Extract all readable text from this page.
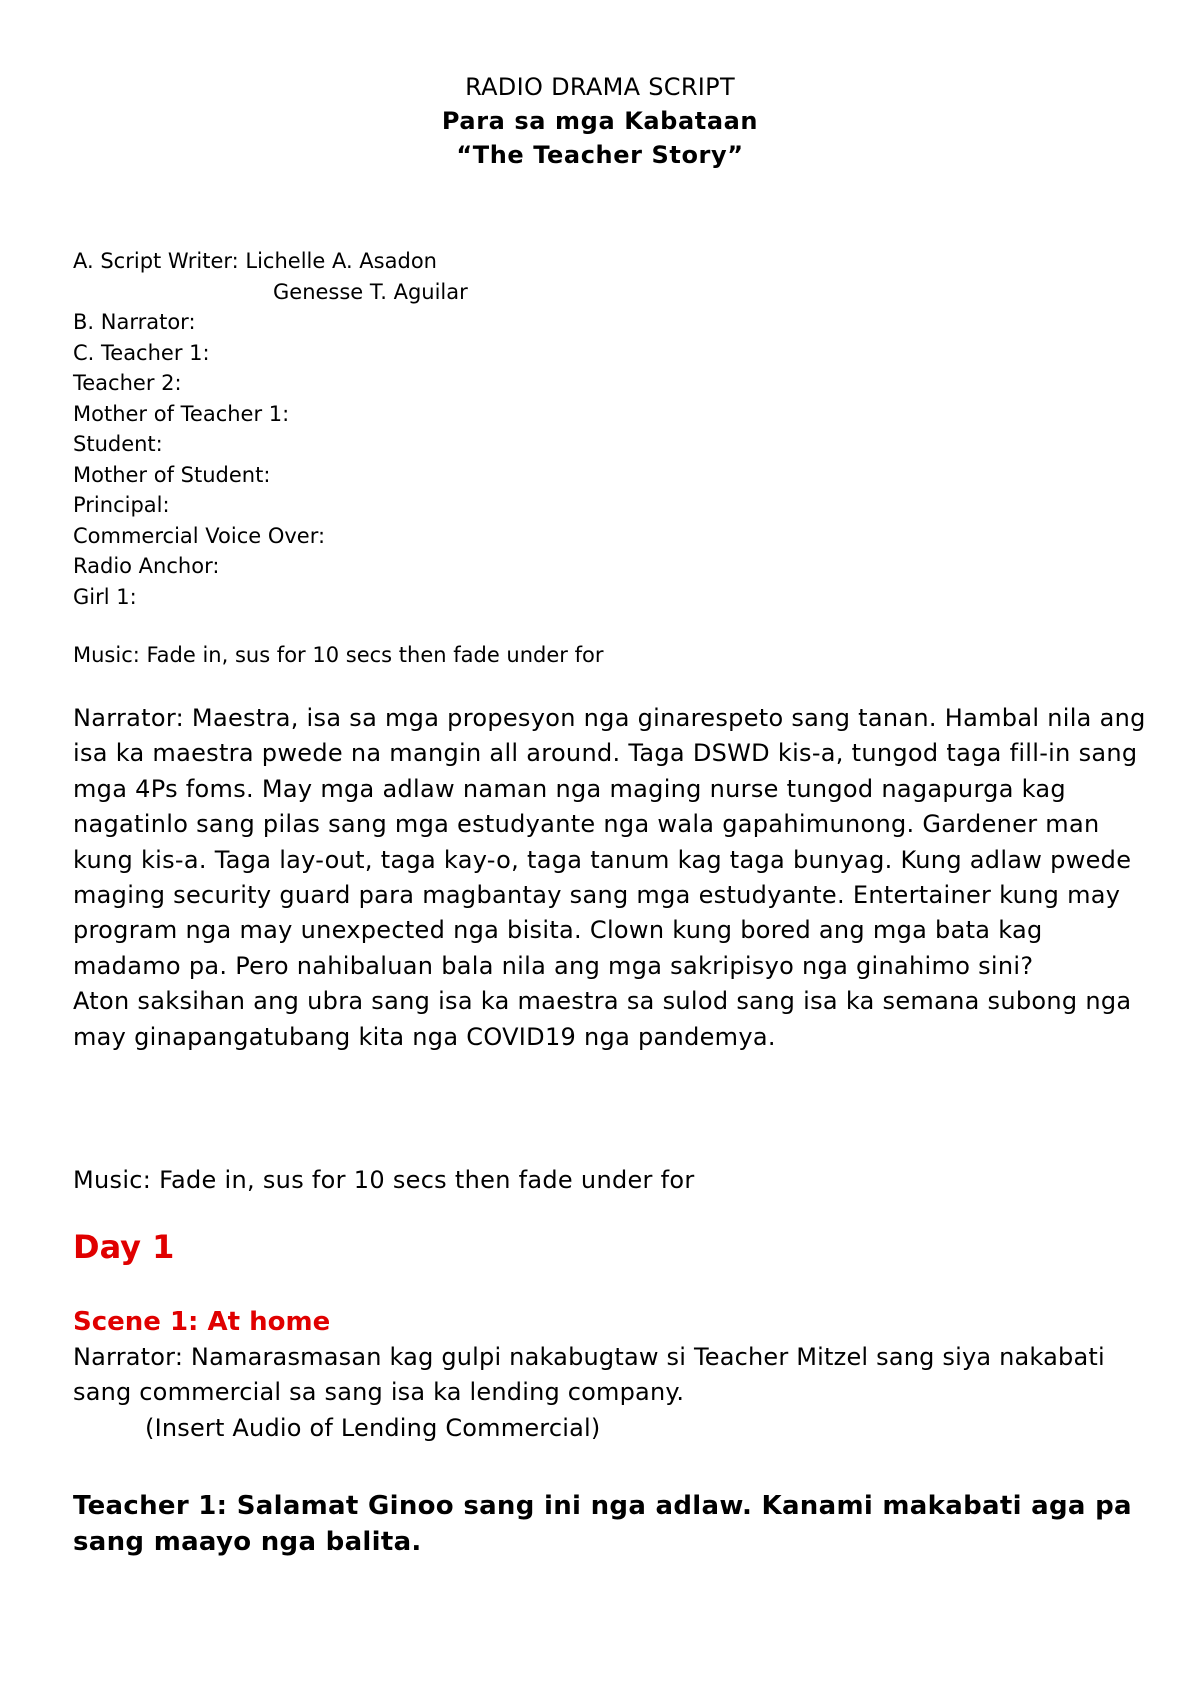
RADIO DRAMA SCRIPT
Para sa mga Kabataan
“The Teacher Story”
A. Script Writer: Lichelle A. Asadon
Genesse T. Aguilar
B. Narrator:
C. Teacher 1:
Teacher 2:
Mother of Teacher 1:
Student:
Mother of Student:
Principal:
Commercial Voice Over:
Radio Anchor:
Girl 1:
Music: Fade in, sus for 10 secs then fade under for

Narrator: Maestra, isa sa mga propesyon nga ginarespeto sang tanan. Hambal nila ang isa ka maestra pwede na mangin all around. Taga DSWD kis-a, tungod taga fill-in sang mga 4Ps foms. May mga adlaw naman nga maging nurse tungod nagapurga kag nagatinlo sang pilas sang mga estudyante nga wala gapahimunong. Gardener man kung kis-a. Taga lay-out, taga kay-o, taga tanum kag taga bunyag. Kung adlaw pwede maging security guard para magbantay sang mga estudyante. Entertainer kung may program nga may unexpected nga bisita. Clown kung bored ang mga bata kag madamo pa. Pero nahibaluan bala nila ang mga sakripisyo nga ginahimo sini?

Aton saksihan ang ubra sang isa ka maestra sa sulod sang isa ka semana subong nga may ginapangatubang kita nga COVID19 nga pandemya.

Music: Fade in, sus for 10 secs then fade under for
Day 1
Scene 1: At home
Narrator: Namarasmasan kag gulpi nakabugtaw si Teacher Mitzel sang siya nakabati sang commercial sa sang isa ka lending company.
(Insert Audio of Lending Commercial)
Teacher 1: Salamat Ginoo sang ini nga adlaw. Kanami makabati aga pa sang maayo nga balita.
